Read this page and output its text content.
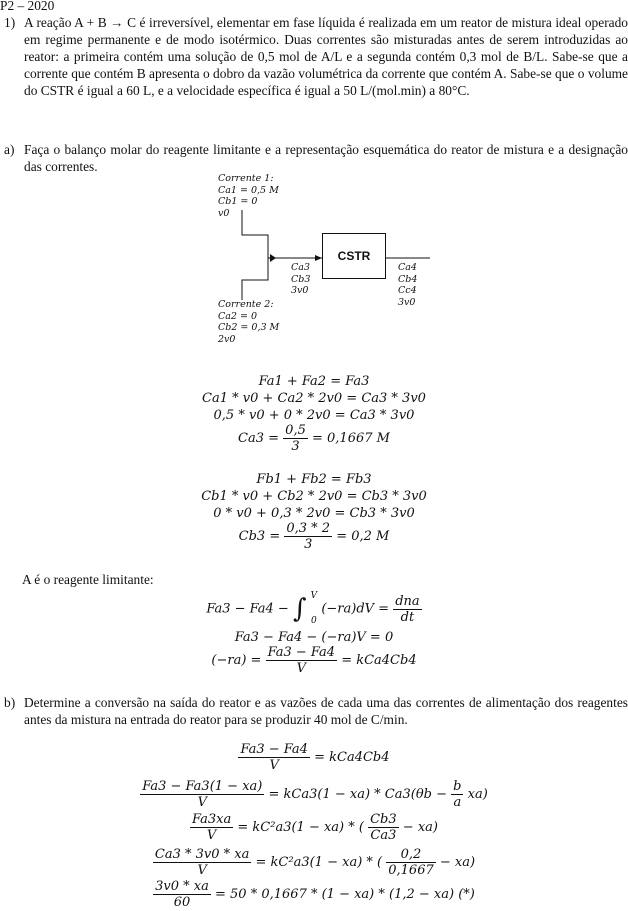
P2 – 2020
1) A reação A + B → C é irreversível, elementar em fase líquida é realizada em um reator de mistura ideal operado em regime permanente e de modo isotérmico. Duas correntes são misturadas antes de serem introduzidas ao reator: a primeira contém uma solução de 0,5 mol de A/L e a segunda contém 0,3 mol de B/L. Sabe-se que a corrente que contém B apresenta o dobro da vazão volumétrica da corrente que contém A. Sabe-se que o volume do CSTR é igual a 60 L, e a velocidade específica é igual a 50 L/(mol.min) a 80°C.
a) Faça o balanço molar do reagente limitante e a representação esquemática do reator de mistura e a designação das correntes.
CSTR
Corrente 1:
Ca1 = 0,5 M
Cb1 = 0
v0
Corrente 2:
Ca2 = 0
Cb2 = 0,3 M
2v0
Ca3
Cb3
3v0
Ca4
Cb4
Cc4
3v0
Fa1 + Fa2 = Fa3
Ca1 * v0 + Ca2 * 2v0 = Ca3 * 3v0
0,5 * v0 + 0 * 2v0 = Ca3 * 3v0
$Ca3 = \frac{0,5}{3} = 0,1667$ M
Fb1 + Fb2 = Fb3
Cb1 * v0 + Cb2 * 2v0 = Cb3 * 3v0
0 * v0 + 0,3 * 2v0 = Cb3 * 3v0
$Cb3 = \frac{0,3 * 2}{3} = 0,2$ M
A é o reagente limitante:
Fa3 − Fa4 − ∫ V
0
$(-ra)dV = \frac{\text{dna}}{dt}$
Fa3 − Fa4 − (−ra)V = 0
$(-ra) = \frac{Fa3 - Fa4}{V} = kCa4Cb4$
b) Determine a conversão na saída do reator e as vazões de cada uma das correntes de alimentação dos reagentes antes da mistura na entrada do reator para se produzir 40 mol de C/min.
$\frac{Fa3 - Fa4}{V} = kCa4Cb4$
$\frac{Fa3 - Fa3(1 - xa)}{V} = kCa3(1 - xa) * Ca3(\theta b - \frac{b}{a} xa)$
$\frac{Fa3xa}{V} = kC^2a3(1 - xa)$ * ( $\frac{Cb3}{Ca3} - xa$)
$\frac{Ca3 * 3v0 * xa}{V} = kC^2a3(1 - xa)$ * ( $\frac{0,2}{0,1667} - xa$)
$\frac{3v0 * xa}{60} = 50 * 0,1667 * (1 - xa) * (1,2 - xa)$ (*)
